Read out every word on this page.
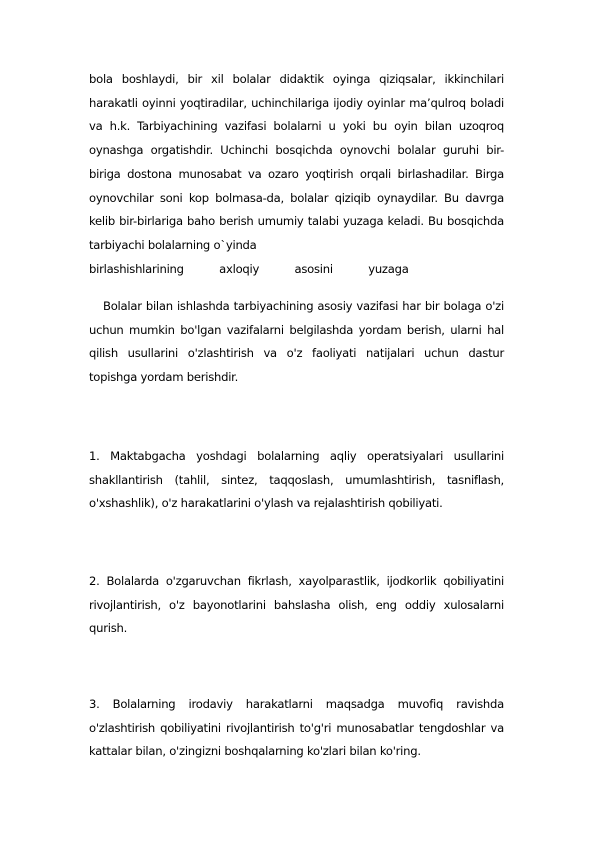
bola boshlaydi, bir xil bolalar didaktik oyinga qiziqsalar, ikkinchilari harakatli oyinni yoqtiradilar, uchinchilariga ijodiy oyinlar ma’qulroq boladi va h.k. Tarbiyachining vazifasi bolalarni u yoki bu oyin bilan uzoqroq oynashga orgatishdir. Uchinchi bosqichda oynovchi bolalar guruhi bir-biriga dostona munosabat va ozaro yoqtirish orqali birlashadilar. Birga oynovchilar soni kop bolmasa-da, bolalar qiziqib oynaydilar. Bu davrga kelib bir-birlariga baho berish umumiy talabi yuzaga keladi. Bu bosqichda tarbiyachi bolalarning o`yinda
birlashishlarining	axloqiy	asosini	yuzaga
Bolalar bilan ishlashda tarbiyachining asosiy vazifasi har bir bolaga o'zi uchun mumkin bo'lgan vazifalarni belgilashda yordam berish, ularni hal qilish usullarini o'zlashtirish va o'z faoliyati natijalari uchun dastur topishga yordam berishdir.
1. Maktabgacha yoshdagi bolalarning aqliy operatsiyalari usullarini shakllantirish (tahlil, sintez, taqqoslash, umumlashtirish, tasniflash, o'xshashlik), o'z harakatlarini o'ylash va rejalashtirish qobiliyati.
2. Bolalarda o'zgaruvchan fikrlash, xayolparastlik, ijodkorlik qobiliyatini rivojlantirish, o'z bayonotlarini bahslasha olish, eng oddiy xulosalarni qurish.
3. Bolalarning irodaviy harakatlarni maqsadga muvofiq ravishda o'zlashtirish qobiliyatini rivojlantirish to'g'ri munosabatlar tengdoshlar va kattalar bilan, o'zingizni boshqalarning ko'zlari bilan ko'ring.
